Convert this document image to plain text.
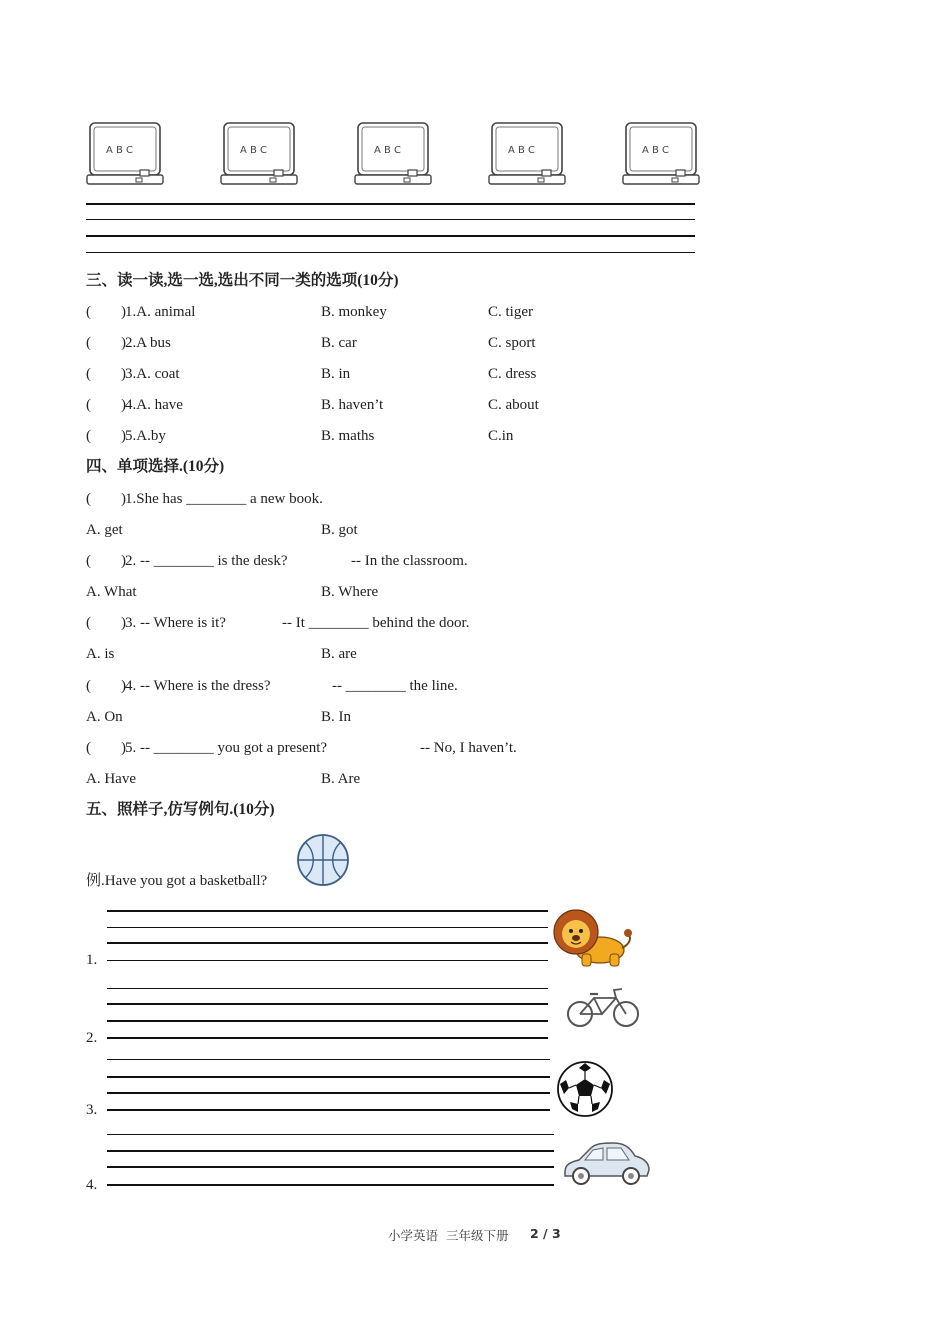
A B C	A B C	A B C	A B C	A B C
三、读一读,选一选,选出不同一类的选项(10分)
(        ) 1.A. animal	B. monkey	C. tiger
(        ) 2.A bus	B. car	C. sport
(        ) 3.A. coat	B. in	C. dress
(        ) 4.A. have	B. haven’t	C. about
(        ) 5.A.by	B. maths	C.in
四、单项选择.(10分)
(        ) 1.She has ________ a new book.
A. get	B. got
(        ) 2. -- ________ is the desk?	-- In the classroom.
A. What	B. Where
(        ) 3. -- Where is it?	-- It ________ behind the door.
A. is	B. are
(        ) 4. -- Where is the dress?	-- ________ the line.
A. On	B. In
(        ) 5. -- ________ you got a present?	-- No, I haven’t.
A. Have	B. Are
五、照样子,仿写例句.(10分)
例.Have you got a basketball?
1.
2.
3.
4.
小学英语  三年级下册 2 / 3
